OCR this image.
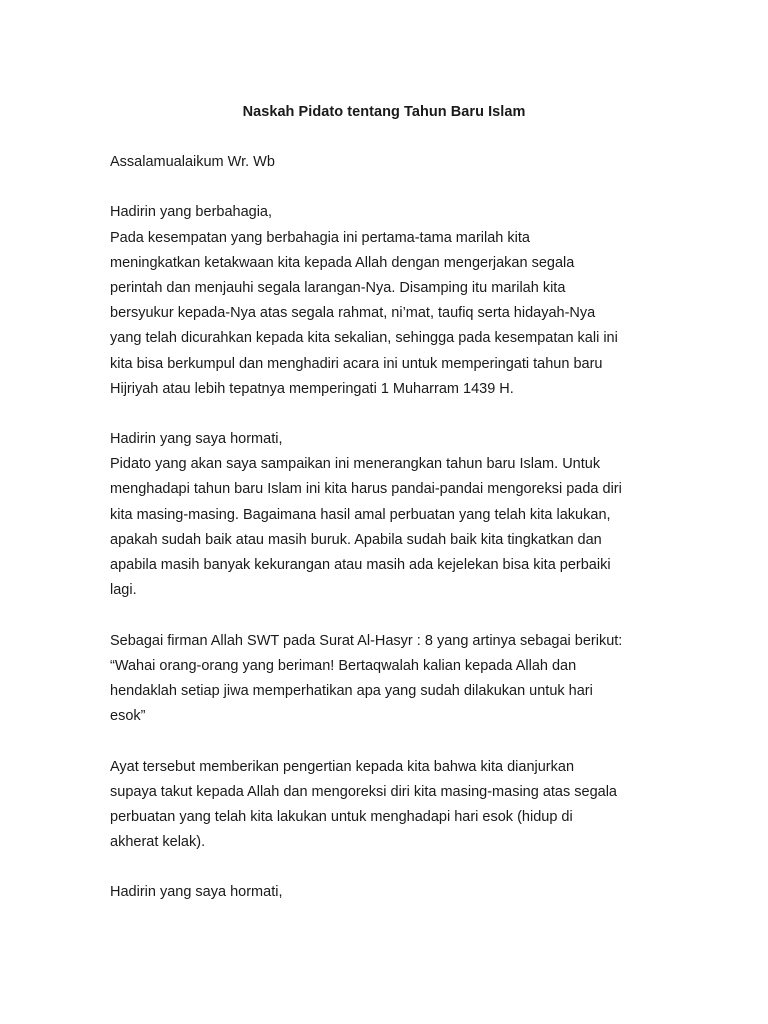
Naskah Pidato tentang Tahun Baru Islam
Assalamualaikum Wr. Wb
Hadirin yang berbahagia,
Pada kesempatan yang berbahagia ini pertama-tama marilah kita
meningkatkan ketakwaan kita kepada Allah dengan mengerjakan segala
perintah dan menjauhi segala larangan-Nya. Disamping itu marilah kita
bersyukur kepada-Nya atas segala rahmat, ni’mat, taufiq serta hidayah-Nya
yang telah dicurahkan kepada kita sekalian, sehingga pada kesempatan kali ini
kita bisa berkumpul dan menghadiri acara ini untuk memperingati tahun baru
Hijriyah atau lebih tepatnya memperingati 1 Muharram 1439 H.
Hadirin yang saya hormati,
Pidato yang akan saya sampaikan ini menerangkan tahun baru Islam. Untuk
menghadapi tahun baru Islam ini kita harus pandai-pandai mengoreksi pada diri
kita masing-masing. Bagaimana hasil amal perbuatan yang telah kita lakukan,
apakah sudah baik atau masih buruk. Apabila sudah baik kita tingkatkan dan
apabila masih banyak kekurangan atau masih ada kejelekan bisa kita perbaiki
lagi.
Sebagai firman Allah SWT pada Surat Al-Hasyr : 8 yang artinya sebagai berikut:
“Wahai orang-orang yang beriman! Bertaqwalah kalian kepada Allah dan
hendaklah setiap jiwa memperhatikan apa yang sudah dilakukan untuk hari
esok”
Ayat tersebut memberikan pengertian kepada kita bahwa kita dianjurkan
supaya takut kepada Allah dan mengoreksi diri kita masing-masing atas segala
perbuatan yang telah kita lakukan untuk menghadapi hari esok (hidup di
akherat kelak).
Hadirin yang saya hormati,
